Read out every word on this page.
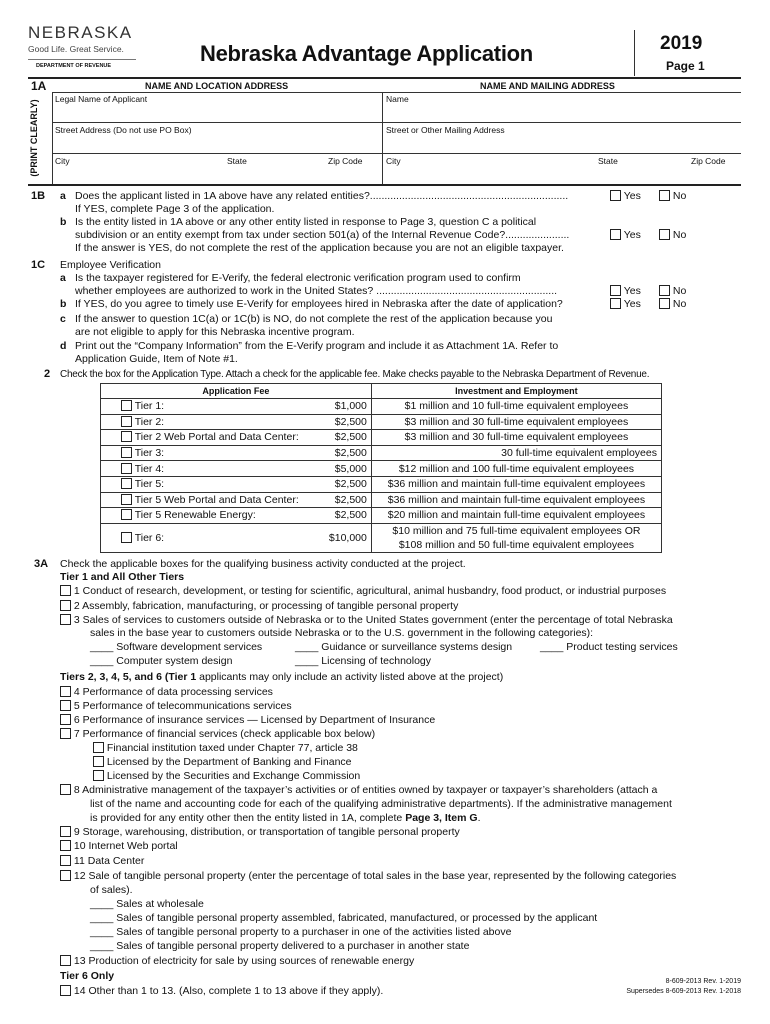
NEBRASKA
Good Life. Great Service.
DEPARTMENT OF REVENUE	Nebraska Advantage Application	2019
Page 1
1A	NAME AND LOCATION ADDRESS	NAME AND MAILING ADDRESS
(PRINT CLEARLY)
Legal Name of Applicant	Name
Street Address (Do not use PO Box)	Street or Other Mailing Address
City	State	Zip Code	City	State	Zip Code
1B a Does the applicant listed in 1A above have any related entities?....................................................................
If YES, complete Page 3 of the application.
b Is the entity listed in 1A above or any other entity listed in response to Page 3, question C a political
subdivision or an entity exempt from tax under section 501(a) of the Internal Revenue Code?......................
If the answer is YES, do not complete the rest of the application because you are not an eligible taxpayer.
Yes	No
Yes	No
1C Employee Verification
a Is the taxpayer registered for E-Verify, the federal electronic verification program used to confirm
whether employees are authorized to work in the United States? ..............................................................
b If YES, do you agree to timely use E-Verify for employees hired in Nebraska after the date of application?
c If the answer to question 1C(a) or 1C(b) is NO, do not complete the rest of the application because you
are not eligible to apply for this Nebraska incentive program.
d Print out the “Company Information” from the E-Verify program and include it as Attachment 1A. Refer to
Application Guide, Item of Note #1.
Yes	No
Yes	No
2 Check the box for the Application Type. Attach a check for the applicable fee. Make checks payable to the Nebraska Department of Revenue.
Application Fee		Investment and Employment
Tier 1:	$1,000	$1 million and 10 full-time equivalent employees
Tier 2:	$2,500	$3 million and 30 full-time equivalent employees
Tier 2 Web Portal and Data Center:	$2,500	$3 million and 30 full-time equivalent employees
Tier 3:	$2,500	30 full-time equivalent employees
Tier 4:	$5,000	$12 million and 100 full-time equivalent employees
Tier 5:	$2,500	$36 million and maintain full-time equivalent employees
Tier 5 Web Portal and Data Center:	$2,500	$36 million and maintain full-time equivalent employees
Tier 5 Renewable Energy:	$2,500	$20 million and maintain full-time equivalent employees
Tier 6:	$10,000	$10 million and 75 full-time equivalent employees OR
$108 million and 50 full-time equivalent employees
3A Check the applicable boxes for the qualifying business activity conducted at the project.
Tier 1 and All Other Tiers
1 Conduct of research, development, or testing for scientific, agricultural, animal husbandry, food product, or industrial purposes
2 Assembly, fabrication, manufacturing, or processing of tangible personal property
3 Sales of services to customers outside of Nebraska or to the United States government (enter the percentage of total Nebraska
4 Performance of data processing services
5 Performance of telecommunications services
6 Performance of insurance services — Licensed by Department of Insurance
7 Performance of financial services (check applicable box below)
8 Administrative management of the taxpayer’s activities or of entities owned by taxpayer or taxpayer’s shareholders (attach a
9 Storage, warehousing, distribution, or transportation of tangible personal property
10 Internet Web portal
11 Data Center
12 Sale of tangible personal property (enter the percentage of total sales in the base year, represented by the following categories
13 Production of electricity for sale by using sources of renewable energy
14 Other than 1 to 13. (Also, complete 1 to 13 above if they apply).
sales in the base year to customers outside Nebraska or to the U.S. government in the following categories):
____ Software development services	____ Guidance or surveillance systems design	____ Product testing services
____ Computer system design	____ Licensing of technology
Tiers 2, 3, 4, 5, and 6 (Tier 1 applicants may only include an activity listed above at the project)
Financial institution taxed under Chapter 77, article 38
Licensed by the Department of Banking and Finance
Licensed by the Securities and Exchange Commission
list of the name and accounting code for each of the qualifying administrative departments). If the administrative management
is provided for any entity other then the entity listed in 1A, complete Page 3, Item G.
of sales).
____ Sales at wholesale
____ Sales of tangible personal property assembled, fabricated, manufactured, or processed by the applicant
____ Sales of tangible personal property to a purchaser in one of the activities listed above
____ Sales of tangible personal property delivered to a purchaser in another state
Tier 6 Only	8-609-2013 Rev. 1-2019
Supersedes 8-609-2013 Rev. 1-2018
